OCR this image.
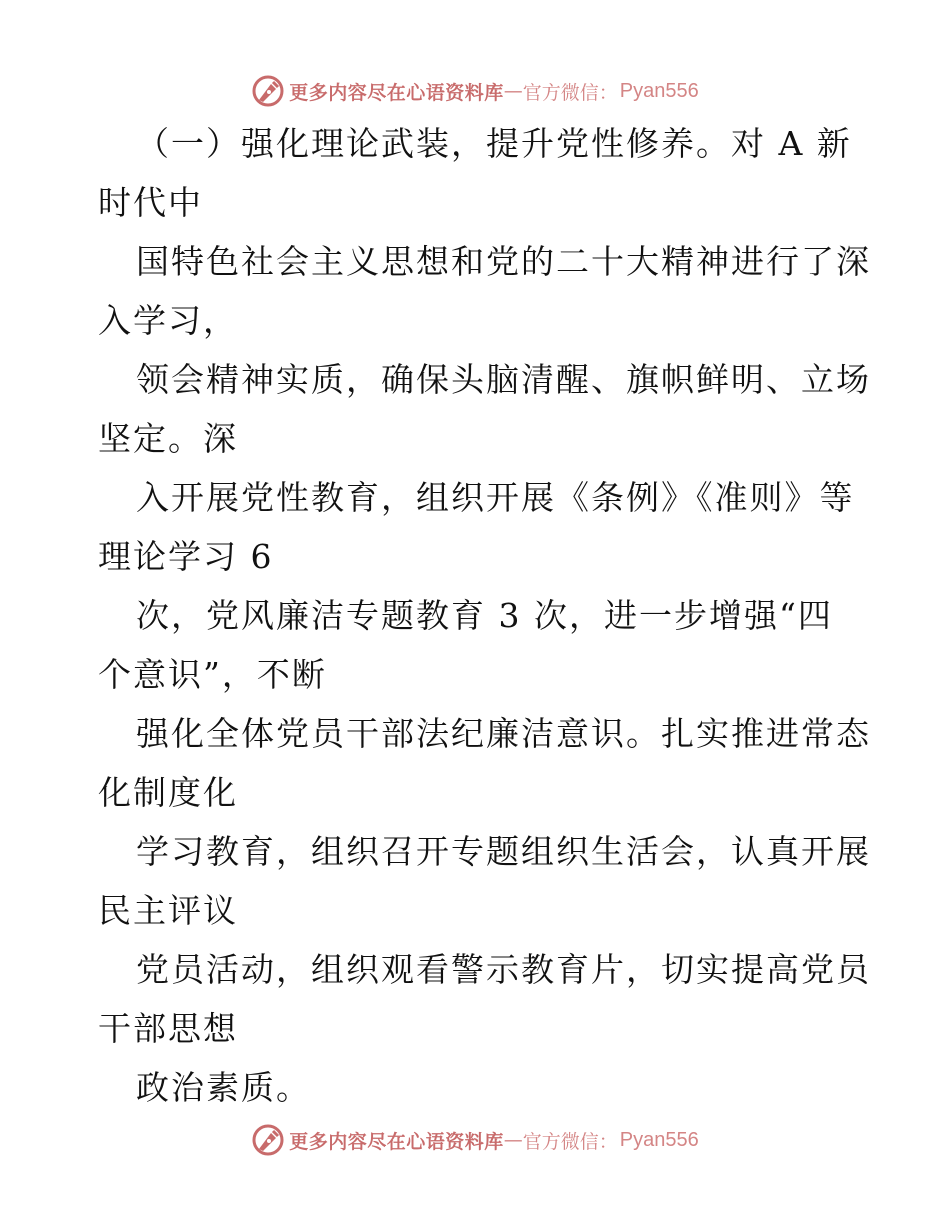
更多内容尽在心语资料库 — 官方微信： Pyan556
（一）强化理论武装，提升党性修养。对 A 新
时代中
国特色社会主义思想和党的二十大精神进行了深
入学习，
领会精神实质，确保头脑清醒、旗帜鲜明、立场
坚定。深
入开展党性教育，组织开展《条例》《准则》等
理论学习 6
次，党风廉洁专题教育 3 次，进一步增强“四
个意识”，不断
强化全体党员干部法纪廉洁意识。扎实推进常态
化制度化
学习教育，组织召开专题组织生活会，认真开展
民主评议
党员活动，组织观看警示教育片，切实提高党员
干部思想
政治素质。
更多内容尽在心语资料库 — 官方微信： Pyan556
